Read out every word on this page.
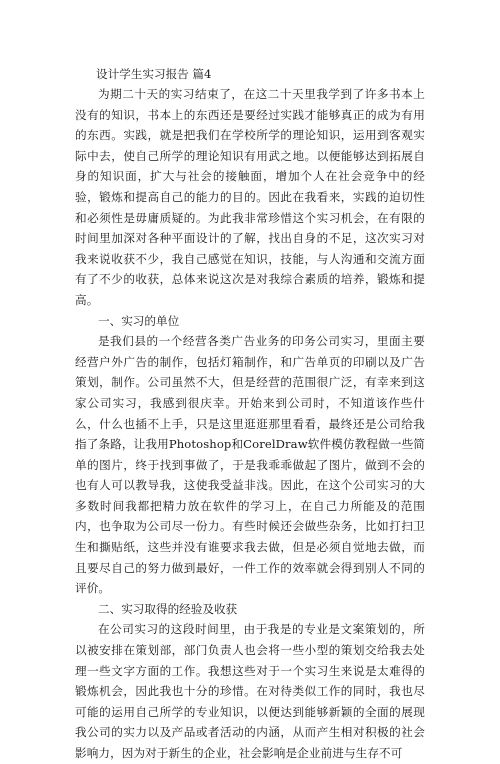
设计学生实习报告 篇4

为期二十天的实习结束了，在这二十天里我学到了许多书本上没有的知识，书本上的东西还是要经过实践才能够真正的成为有用的东西。实践，就是把我们在学校所学的理论知识，运用到客观实际中去，使自己所学的理论知识有用武之地。以便能够达到拓展自身的知识面，扩大与社会的接触面，增加个人在社会竞争中的经验，锻炼和提高自己的能力的目的。因此在我看来，实践的迫切性和必须性是毋庸质疑的。为此我非常珍惜这个实习机会，在有限的时间里加深对各种平面设计的了解，找出自身的不足，这次实习对我来说收获不少，我自己感觉在知识，技能，与人沟通和交流方面有了不少的收获，总体来说这次是对我综合素质的培养，锻炼和提高。

一、实习的单位

是我们县的一个经营各类广告业务的印务公司实习，里面主要经营户外广告的制作，包括灯箱制作，和广告单页的印刷以及广告策划，制作。公司虽然不大，但是经营的范围很广泛，有幸来到这家公司实习，我感到很庆幸。开始来到公司时，不知道该作些什么，什么也插不上手，只是这里逛逛那里看看，最终还是公司给我指了条路，让我用Photoshop和CorelDraw软件模仿教程做一些简单的图片，终于找到事做了，于是我乖乖做起了图片，做到不会的也有人可以教导我，这使我受益非浅。因此，在这个公司实习的大多数时间我都把精力放在软件的学习上，在自己力所能及的范围内，也争取为公司尽一份力。有些时候还会做些杂务，比如打扫卫生和撕贴纸，这些并没有谁要求我去做，但是必须自觉地去做，而且要尽自己的努力做到最好，一件工作的效率就会得到别人不同的评价。

二、实习取得的经验及收获

在公司实习的这段时间里，由于我是的专业是文案策划的，所以被安排在策划部，部门负责人也会将一些小型的策划交给我去处理一些文字方面的工作。我想这些对于一个实习生来说是太难得的锻炼机会，因此我也十分的珍惜。在对待类似工作的同时，我也尽可能的运用自己所学的专业知识，以便达到能够新颖的全面的展现我公司的实力以及产品或者活动的内涵，从而产生相对积极的社会影响力，因为对于新生的企业，社会影响是企业前进与生存不可
